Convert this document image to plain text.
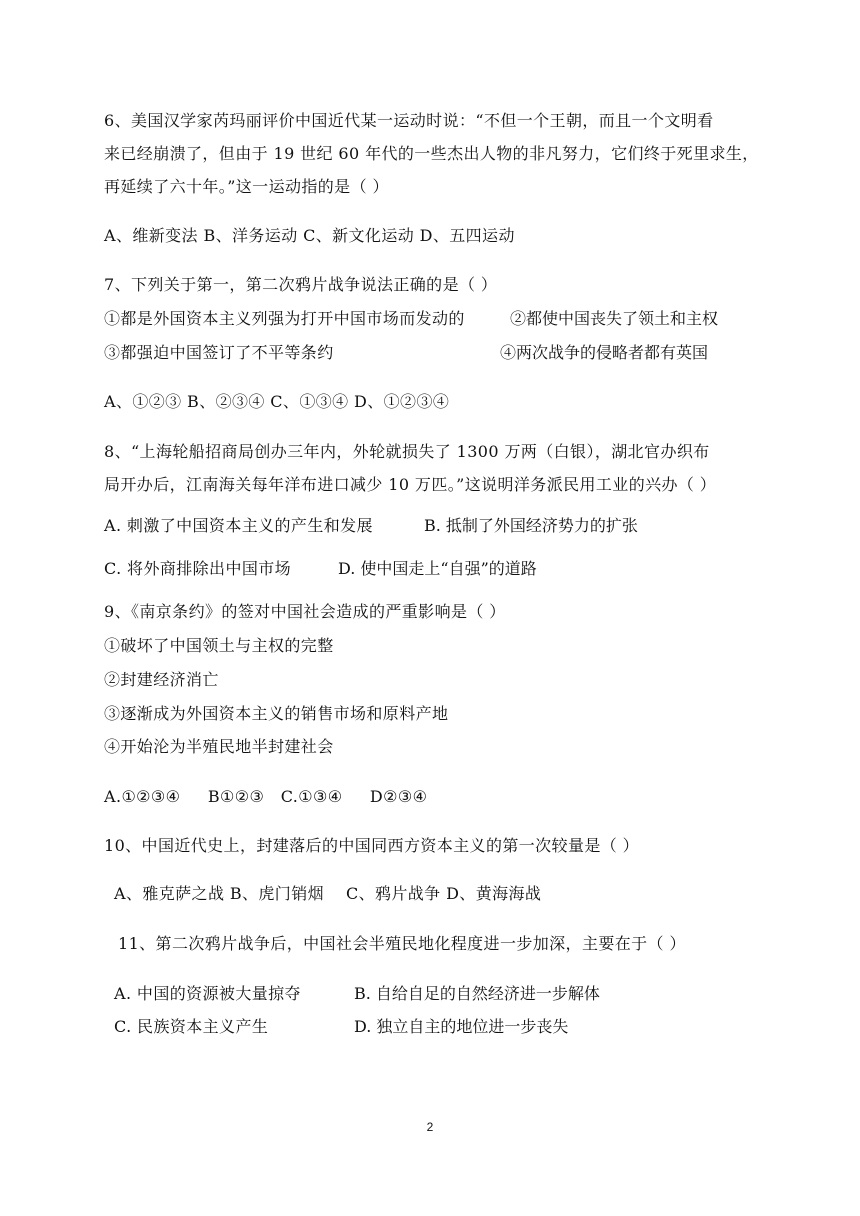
6、美国汉学家芮玛丽评价中国近代某一运动时说：“不但一个王朝，而且一个文明看
来已经崩溃了，但由于 19 世纪 60 年代的一些杰出人物的非凡努力，它们终于死里求生，
再延续了六十年。”这一运动指的是（ ）
A、维新变法 B、洋务运动 C、新文化运动 D、五四运动
7、下列关于第一，第二次鸦片战争说法正确的是（ ）
①都是外国资本主义列强为打开中国市场而发动的	②都使中国丧失了领土和主权
③都强迫中国签订了不平等条约	④两次战争的侵略者都有英国
A、①②③ B、②③④ C、①③④ D、①②③④
8、“上海轮船招商局创办三年内，外轮就损失了 1300 万两（白银），湖北官办织布
局开办后，江南海关每年洋布进口减少 10 万匹。”这说明洋务派民用工业的兴办（ ）
A. 刺激了中国资本主义的产生和发展	B. 抵制了外国经济势力的扩张
C. 将外商排除出中国市场	D. 使中国走上“自强”的道路
9、《南京条约》的签对中国社会造成的严重影响是（ ）
①破坏了中国领土与主权的完整
②封建经济消亡
③逐渐成为外国资本主义的销售市场和原料产地
④开始沦为半殖民地半封建社会
A.①②③④     B①②③   C.①③④     D②③④
10、中国近代史上，封建落后的中国同西方资本主义的第一次较量是（ ）
A、雅克萨之战 B、虎门销烟    C、鸦片战争 D、黄海海战
11、第二次鸦片战争后，中国社会半殖民地化程度进一步加深，主要在于（ ）
A. 中国的资源被大量掠夺	B. 自给自足的自然经济进一步解体
C. 民族资本主义产生	D. 独立自主的地位进一步丧失
2
